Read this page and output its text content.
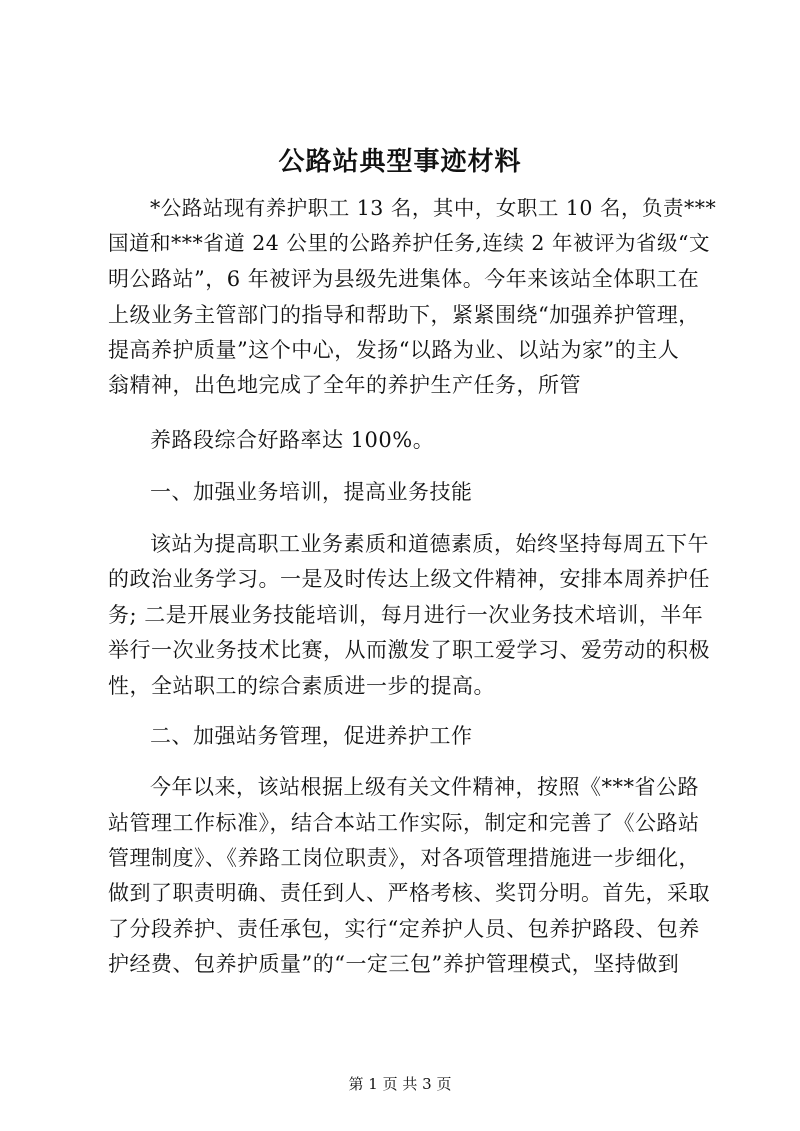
公路站典型事迹材料
*公路站现有养护职工 13 名，其中，女职工 10 名，负责***
国道和***省道 24 公里的公路养护任务,连续 2 年被评为省级“文
明公路站”，6 年被评为县级先进集体。今年来该站全体职工在
上级业务主管部门的指导和帮助下，紧紧围绕“加强养护管理，
提高养护质量”这个中心，发扬“以路为业、以站为家”的主人
翁精神，出色地完成了全年的养护生产任务，所管
养路段综合好路率达 100%。
一、加强业务培训，提高业务技能
该站为提高职工业务素质和道德素质，始终坚持每周五下午
的政治业务学习。一是及时传达上级文件精神，安排本周养护任
务; 二是开展业务技能培训，每月进行一次业务技术培训，半年
举行一次业务技术比赛，从而激发了职工爱学习、爱劳动的积极
性，全站职工的综合素质进一步的提高。
二、加强站务管理，促进养护工作
今年以来，该站根据上级有关文件精神，按照《***省公路
站管理工作标准》，结合本站工作实际，制定和完善了《公路站
管理制度》、《养路工岗位职责》，对各项管理措施进一步细化，
做到了职责明确、责任到人、严格考核、奖罚分明。首先，采取
了分段养护、责任承包，实行“定养护人员、包养护路段、包养
护经费、包养护质量”的“一定三包”养护管理模式，坚持做到
第 1 页 共 3 页
